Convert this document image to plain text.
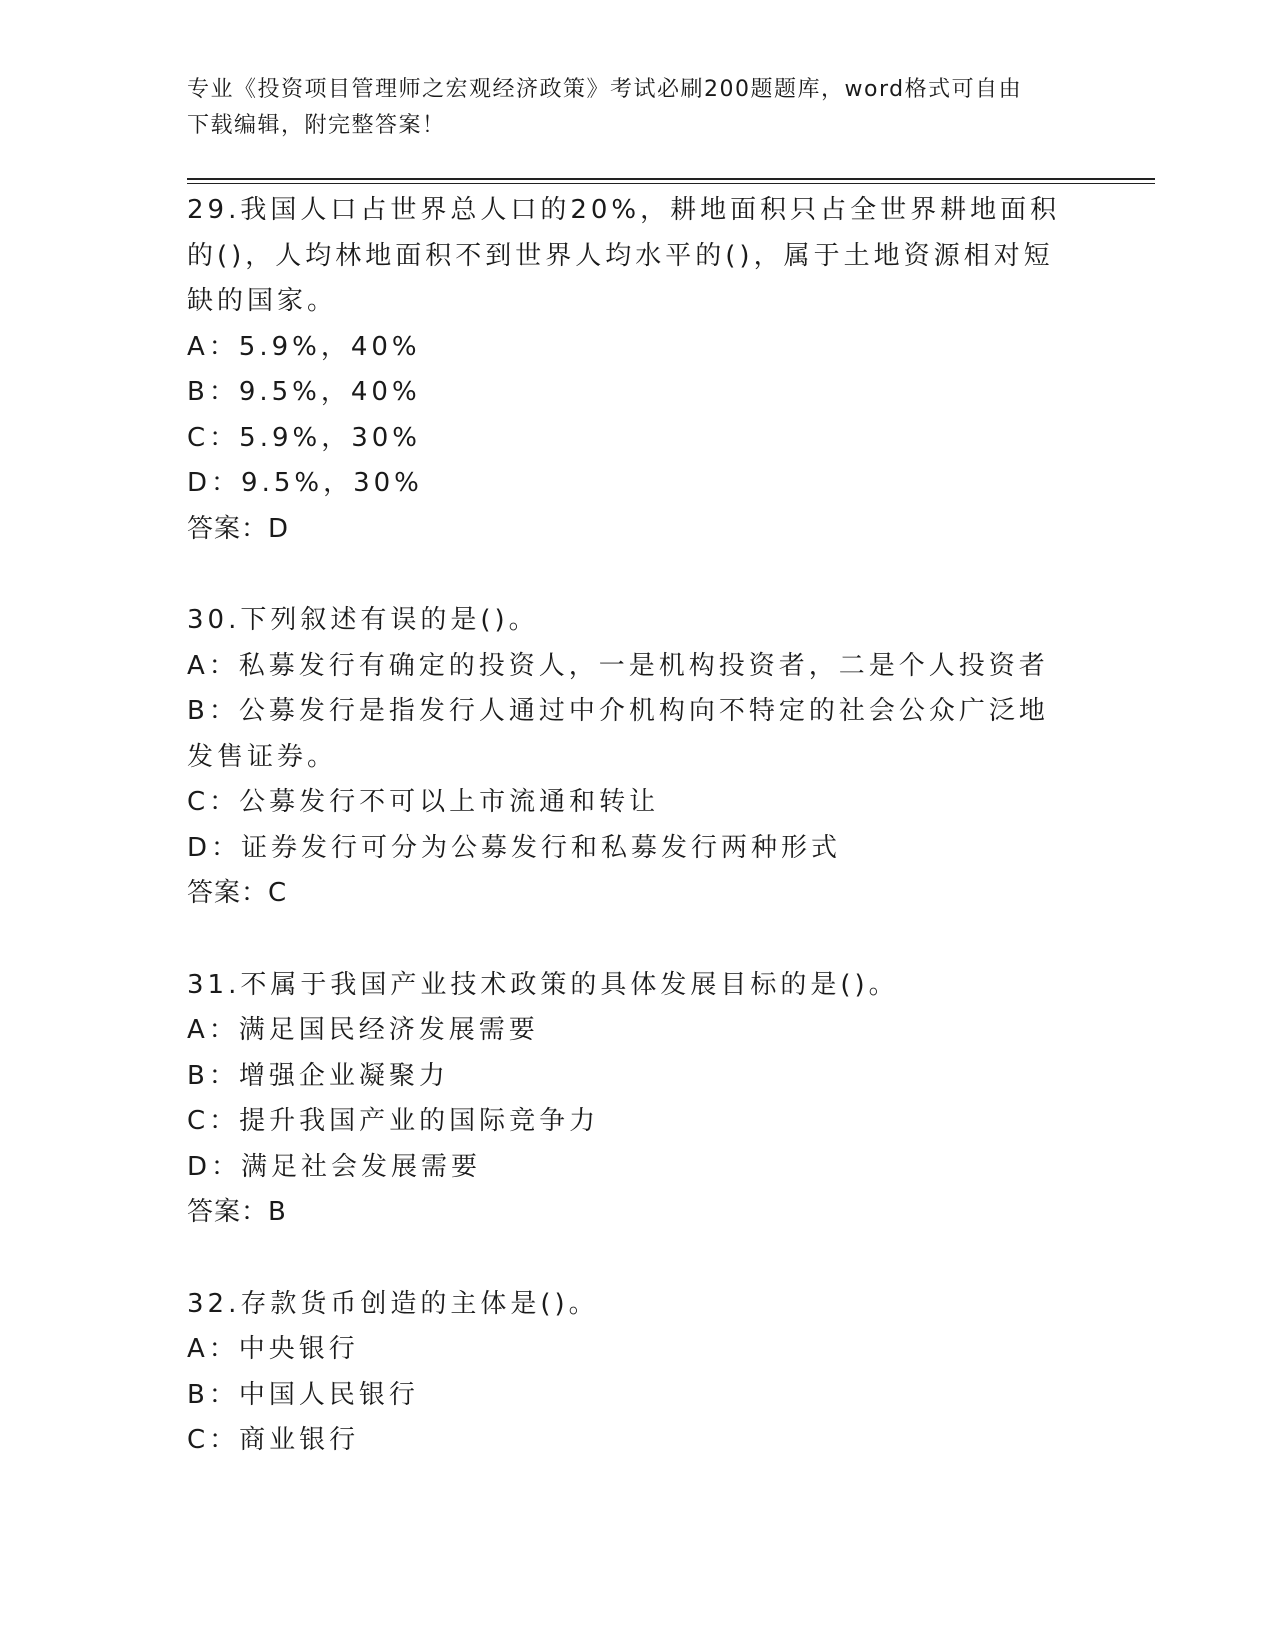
专业《投资项目管理师之宏观经济政策》考试必刷200题题库，word格式可自由
下载编辑，附完整答案！
29.我国人口占世界总人口的20%，耕地面积只占全世界耕地面积的()，人均林地面积不到世界人均水平的()，属于土地资源相对短缺的国家。
A：5.9%，40%
B：9.5%，40%
C：5.9%，30%
D：9.5%，30%
答案：D
30.下列叙述有误的是()。
A：私募发行有确定的投资人，一是机构投资者，二是个人投资者
B：公募发行是指发行人通过中介机构向不特定的社会公众广泛地发售证券。
C：公募发行不可以上市流通和转让
D：证券发行可分为公募发行和私募发行两种形式
答案：C
31.不属于我国产业技术政策的具体发展目标的是()。
A：满足国民经济发展需要
B：增强企业凝聚力
C：提升我国产业的国际竞争力
D：满足社会发展需要
答案：B
32.存款货币创造的主体是()。
A：中央银行
B：中国人民银行
C：商业银行
